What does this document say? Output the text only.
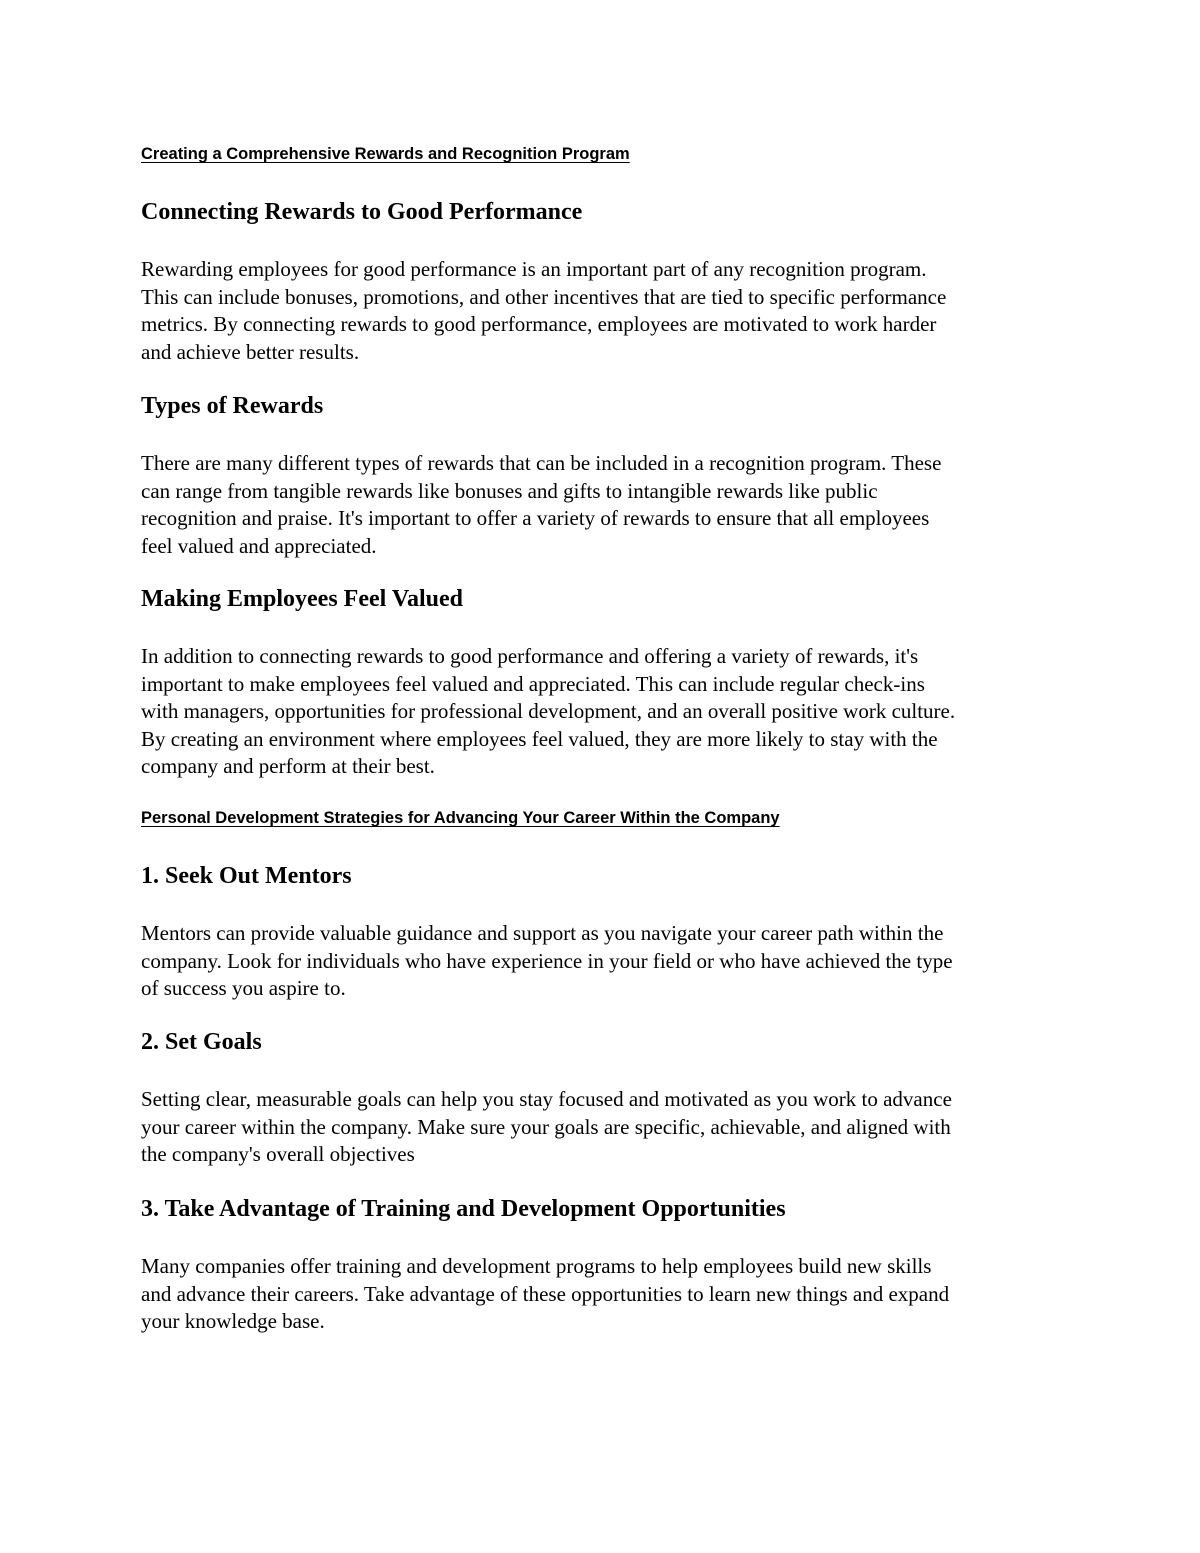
Creating a Comprehensive Rewards and Recognition Program
Connecting Rewards to Good Performance

Rewarding employees for good performance is an important part of any recognition program.
This can include bonuses, promotions, and other incentives that are tied to specific performance
metrics. By connecting rewards to good performance, employees are motivated to work harder
and achieve better results.

Types of Rewards

There are many different types of rewards that can be included in a recognition program. These
can range from tangible rewards like bonuses and gifts to intangible rewards like public
recognition and praise. It's important to offer a variety of rewards to ensure that all employees
feel valued and appreciated.

Making Employees Feel Valued

In addition to connecting rewards to good performance and offering a variety of rewards, it's
important to make employees feel valued and appreciated. This can include regular check-ins
with managers, opportunities for professional development, and an overall positive work culture.
By creating an environment where employees feel valued, they are more likely to stay with the
company and perform at their best.

Personal Development Strategies for Advancing Your Career Within the Company
1. Seek Out Mentors

Mentors can provide valuable guidance and support as you navigate your career path within the
company. Look for individuals who have experience in your field or who have achieved the type
of success you aspire to.

2. Set Goals

Setting clear, measurable goals can help you stay focused and motivated as you work to advance
your career within the company. Make sure your goals are specific, achievable, and aligned with
the company's overall objectives

3. Take Advantage of Training and Development Opportunities

Many companies offer training and development programs to help employees build new skills
and advance their careers. Take advantage of these opportunities to learn new things and expand
your knowledge base.
